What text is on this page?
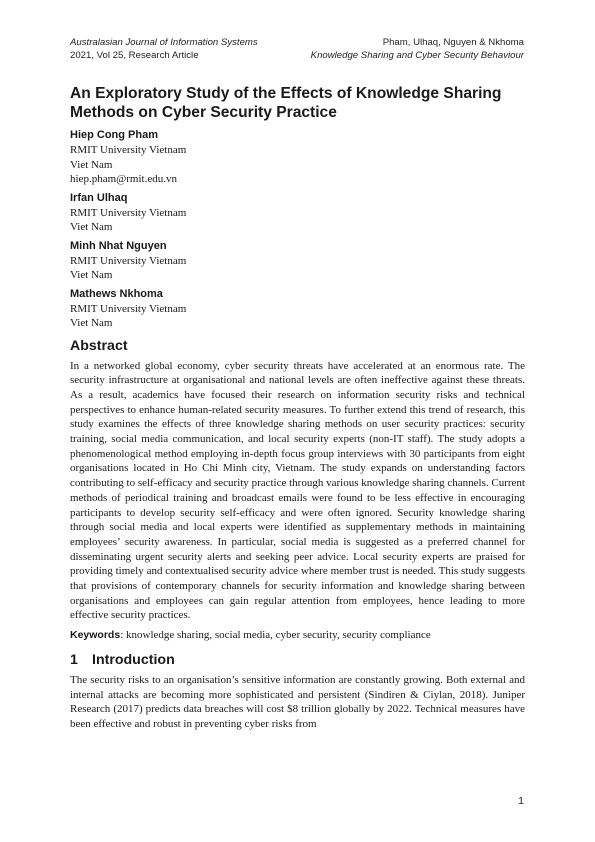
Australasian Journal of Information Systems
2021, Vol 25, Research Article
Pham, Ulhaq, Nguyen & Nkhoma
Knowledge Sharing and Cyber Security Behaviour
An Exploratory Study of the Effects of Knowledge Sharing Methods on Cyber Security Practice
Hiep Cong Pham
RMIT University Vietnam
Viet Nam
hiep.pham@rmit.edu.vn
Irfan Ulhaq
RMIT University Vietnam
Viet Nam
Minh Nhat Nguyen
RMIT University Vietnam
Viet Nam
Mathews Nkhoma
RMIT University Vietnam
Viet Nam
Abstract

In a networked global economy, cyber security threats have accelerated at an enormous rate. The security infrastructure at organisational and national levels are often ineffective against these threats. As a result, academics have focused their research on information security risks and technical perspectives to enhance human-related security measures. To further extend this trend of research, this study examines the effects of three knowledge sharing methods on user security practices: security training, social media communication, and local security experts (non-IT staff). The study adopts a phenomenological method employing in-depth focus group interviews with 30 participants from eight organisations located in Ho Chi Minh city, Vietnam. The study expands on understanding factors contributing to self-efficacy and security practice through various knowledge sharing channels. Current methods of periodical training and broadcast emails were found to be less effective in encouraging participants to develop security self-efficacy and were often ignored. Security knowledge sharing through social media and local experts were identified as supplementary methods in maintaining employees’ security awareness. In particular, social media is suggested as a preferred channel for disseminating urgent security alerts and seeking peer advice. Local security experts are praised for providing timely and contextualised security advice where member trust is needed. This study suggests that provisions of contemporary channels for security information and knowledge sharing between organisations and employees can gain regular attention from employees, hence leading to more effective security practices.

Keywords: knowledge sharing, social media, cyber security, security compliance
1 Introduction

The security risks to an organisation’s sensitive information are constantly growing. Both external and internal attacks are becoming more sophisticated and persistent (Sindiren & Ciylan, 2018). Juniper Research (2017) predicts data breaches will cost $8 trillion globally by 2022. Technical measures have been effective and robust in preventing cyber risks from

1
